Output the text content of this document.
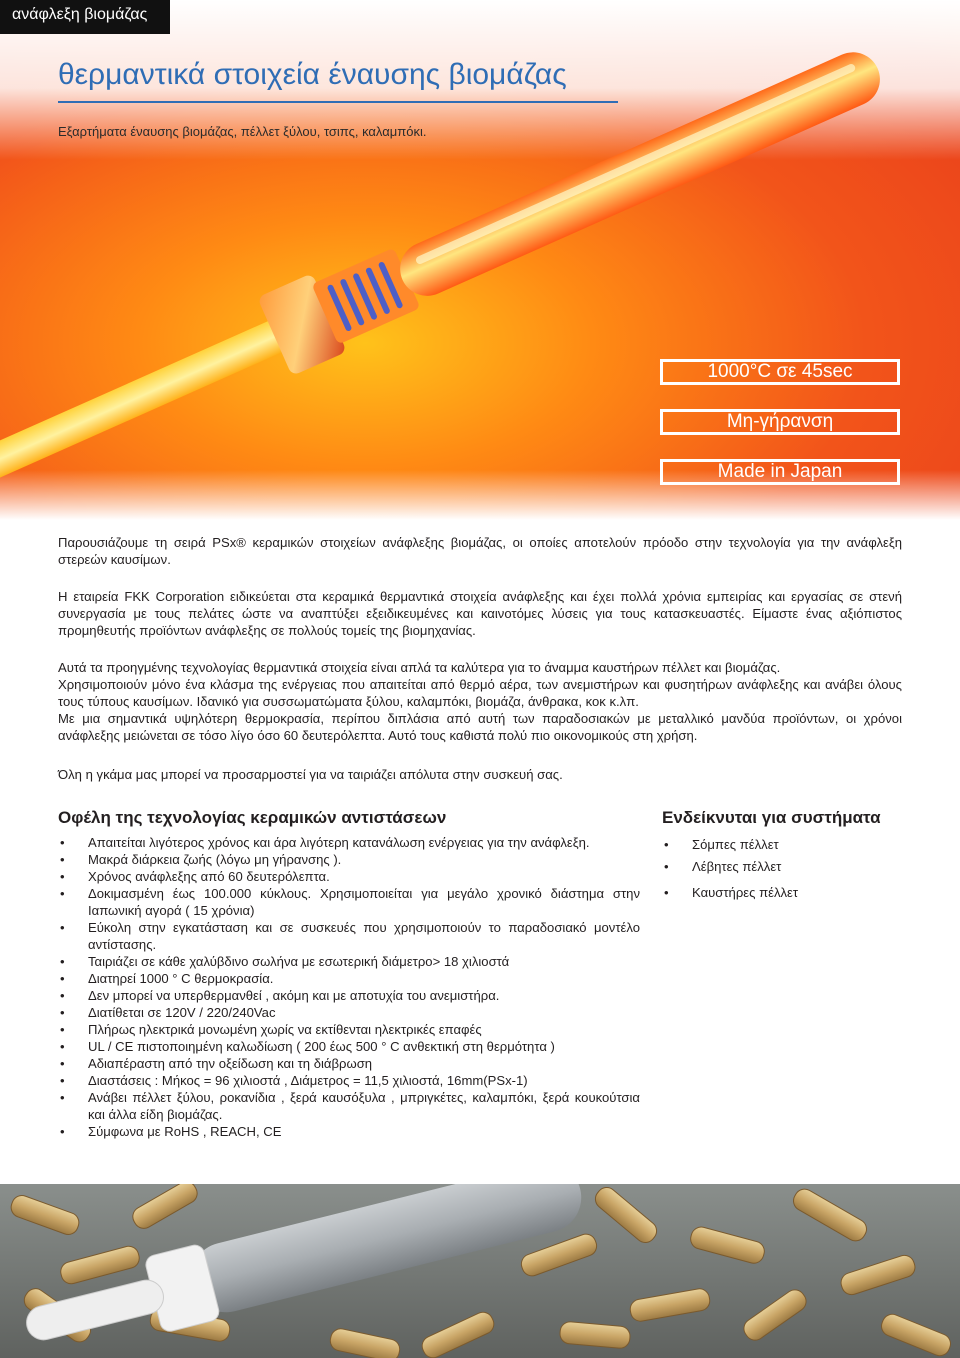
ανάφλεξη βιομάζας
θερμαντικά στοιχεία έναυσης βιομάζας
Εξαρτήματα έναυσης βιομάζας, πέλλετ ξύλου, τσιπς, καλαμπόκι.
1000°C σε 45sec
Μη-γήρανση
Made in Japan

Παρουσιάζουμε τη σειρά PSx® κεραμικών στοιχείων ανάφλεξης βιομάζας, οι οποίες αποτελούν πρόοδο στην τεχνολογία για την ανάφλεξη στερεών καυσίμων.

Η εταιρεία FKK Corporation ειδικεύεται στα κεραμικά θερμαντικά στοιχεία ανάφλεξης και έχει πολλά χρόνια εμπειρίας και εργασίας σε στενή συνεργασία με τους πελάτες ώστε να αναπτύξει εξειδικευμένες και καινοτόμες λύσεις για τους κατασκευαστές. Είμαστε ένας αξιόπιστος προμηθευτής προϊόντων ανάφλεξης σε πολλούς τομείς της βιομηχανίας.

Αυτά τα προηγμένης τεχνολογίας θερμαντικά στοιχεία είναι απλά τα καλύτερα για το άναμμα καυστήρων πέλλετ και βιομάζας.

Χρησιμοποιούν μόνο ένα κλάσμα της ενέργειας που απαιτείται από θερμό αέρα, των ανεμιστήρων και φυσητήρων ανάφλεξης και ανάβει όλους τους τύπους καυσίμων. Ιδανικό για συσσωματώματα ξύλου, καλαμπόκι, βιομάζα, άνθρακα, κοκ κ.λπ.

Με μια σημαντικά υψηλότερη θερμοκρασία, περίπου διπλάσια από αυτή των παραδοσιακών με μεταλλικό μανδύα προϊόντων, οι χρόνοι ανάφλεξης μειώνεται σε τόσο λίγο όσο 60 δευτερόλεπτα. Αυτό τους καθιστά πολύ πιο οικονομικούς στη χρήση.

Όλη η γκάμα μας μπορεί να προσαρμοστεί για να ταιριάζει απόλυτα στην συσκευή σας.

Οφέλη της τεχνολογίας κεραμικών αντιστάσεων
• Απαιτείται λιγότερος χρόνος και άρα λιγότερη κατανάλωση ενέργειας για την ανάφλεξη.
• Μακρά διάρκεια ζωής (λόγω μη γήρανσης ).
• Χρόνος ανάφλεξης από 60 δευτερόλεπτα.
• Δοκιμασμένη έως 100.000 κύκλους. Χρησιμοποιείται για μεγάλο χρονικό διάστημα στην Ιαπωνική αγορά ( 15 χρόνια)
• Εύκολη στην εγκατάσταση και σε συσκευές που χρησιμοποιούν το παραδοσιακό μοντέλο αντίστασης.
• Ταιριάζει σε κάθε χαλύβδινο σωλήνα με εσωτερική διάμετρο> 18 χιλιοστά
• Διατηρεί 1000 ° C θερμοκρασία.
• Δεν μπορεί να υπερθερμανθεί , ακόμη και με αποτυχία του ανεμιστήρα.
• Διατίθεται σε 120V / 220/240Vac
• Πλήρως ηλεκτρικά μονωμένη χωρίς να εκτίθενται ηλεκτρικές επαφές
• UL / CE πιστοποιημένη καλωδίωση ( 200 έως 500 ° C ανθεκτική στη θερμότητα )
• Αδιαπέραστη από την οξείδωση και τη διάβρωση
• Διαστάσεις : Μήκος = 96 χιλιοστά , Διάμετρος = 11,5 χιλιοστά, 16mm(PSx-1)
• Ανάβει πέλλετ ξύλου, ροκανίδια , ξερά καυσόξυλα , μπριγκέτες, καλαμπόκι, ξερά κουκούτσια και άλλα είδη βιομάζας.
• Σύμφωνα με RoHS , REACH, CE
Ενδείκνυται για συστήματα
• Σόμπες πέλλετ
• Λέβητες πέλλετ
• Καυστήρες πέλλετ
